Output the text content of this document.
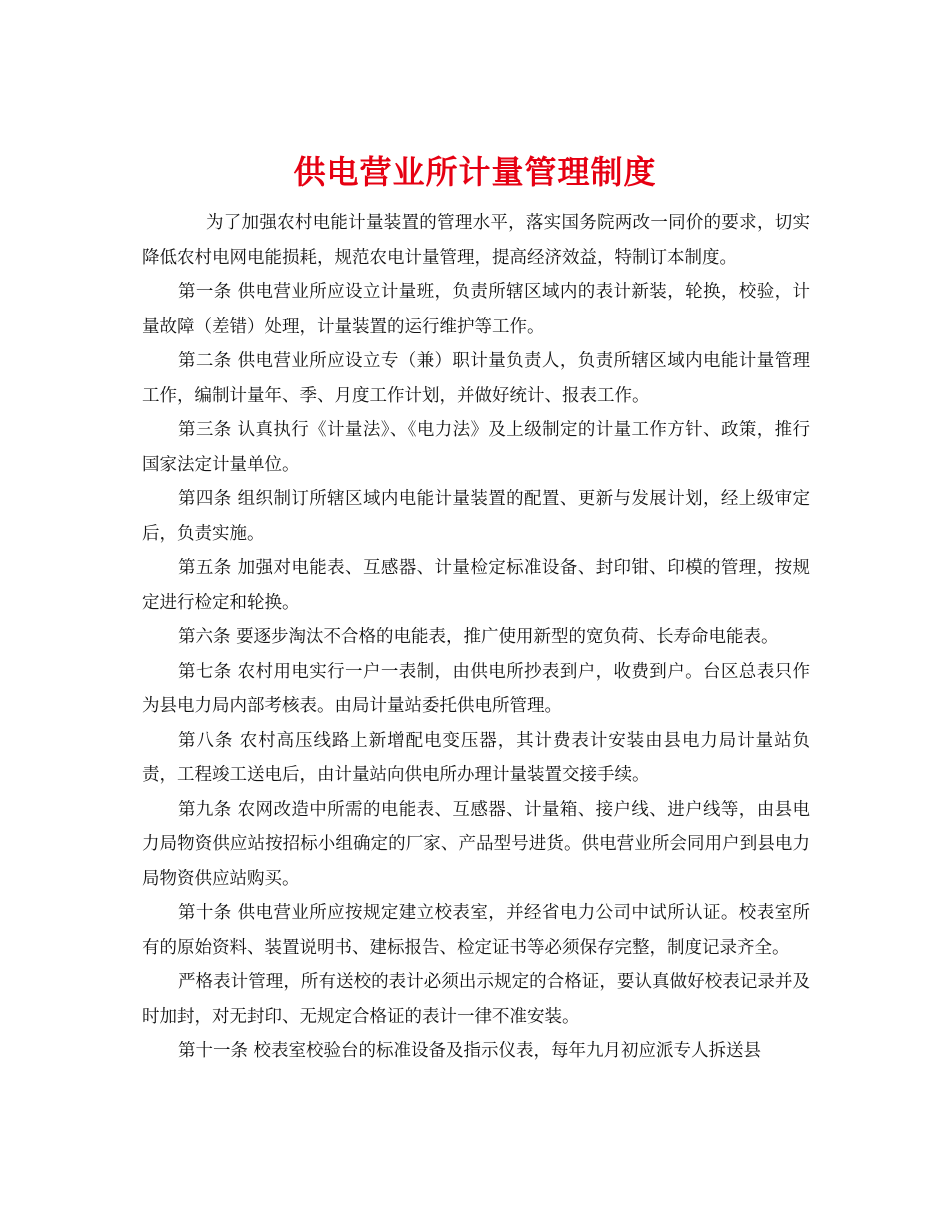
供电营业所计量管理制度

为了加强农村电能计量装置的管理水平，落实国务院两改一同价的要求，切实降低农村电网电能损耗，规范农电计量管理，提高经济效益，特制订本制度。

第一条 供电营业所应设立计量班，负责所辖区域内的表计新装，轮换，校验，计量故障（差错）处理，计量装置的运行维护等工作。

第二条 供电营业所应设立专（兼）职计量负责人，负责所辖区域内电能计量管理工作，编制计量年、季、月度工作计划，并做好统计、报表工作。

第三条 认真执行《计量法》、《电力法》及上级制定的计量工作方针、政策，推行国家法定计量单位。

第四条 组织制订所辖区域内电能计量装置的配置、更新与发展计划，经上级审定后，负责实施。

第五条 加强对电能表、互感器、计量检定标准设备、封印钳、印模的管理，按规定进行检定和轮换。

第六条 要逐步淘汰不合格的电能表，推广使用新型的宽负荷、长寿命电能表。

第七条 农村用电实行一户一表制，由供电所抄表到户，收费到户。台区总表只作为县电力局内部考核表。由局计量站委托供电所管理。

第八条 农村高压线路上新增配电变压器，其计费表计安装由县电力局计量站负责，工程竣工送电后，由计量站向供电所办理计量装置交接手续。

第九条 农网改造中所需的电能表、互感器、计量箱、接户线、进户线等，由县电力局物资供应站按招标小组确定的厂家、产品型号进货。供电营业所会同用户到县电力局物资供应站购买。

第十条 供电营业所应按规定建立校表室，并经省电力公司中试所认证。校表室所有的原始资料、装置说明书、建标报告、检定证书等必须保存完整，制度记录齐全。

严格表计管理，所有送校的表计必须出示规定的合格证，要认真做好校表记录并及时加封，对无封印、无规定合格证的表计一律不准安装。

第十一条 校表室校验台的标准设备及指示仪表，每年九月初应派专人拆送县
